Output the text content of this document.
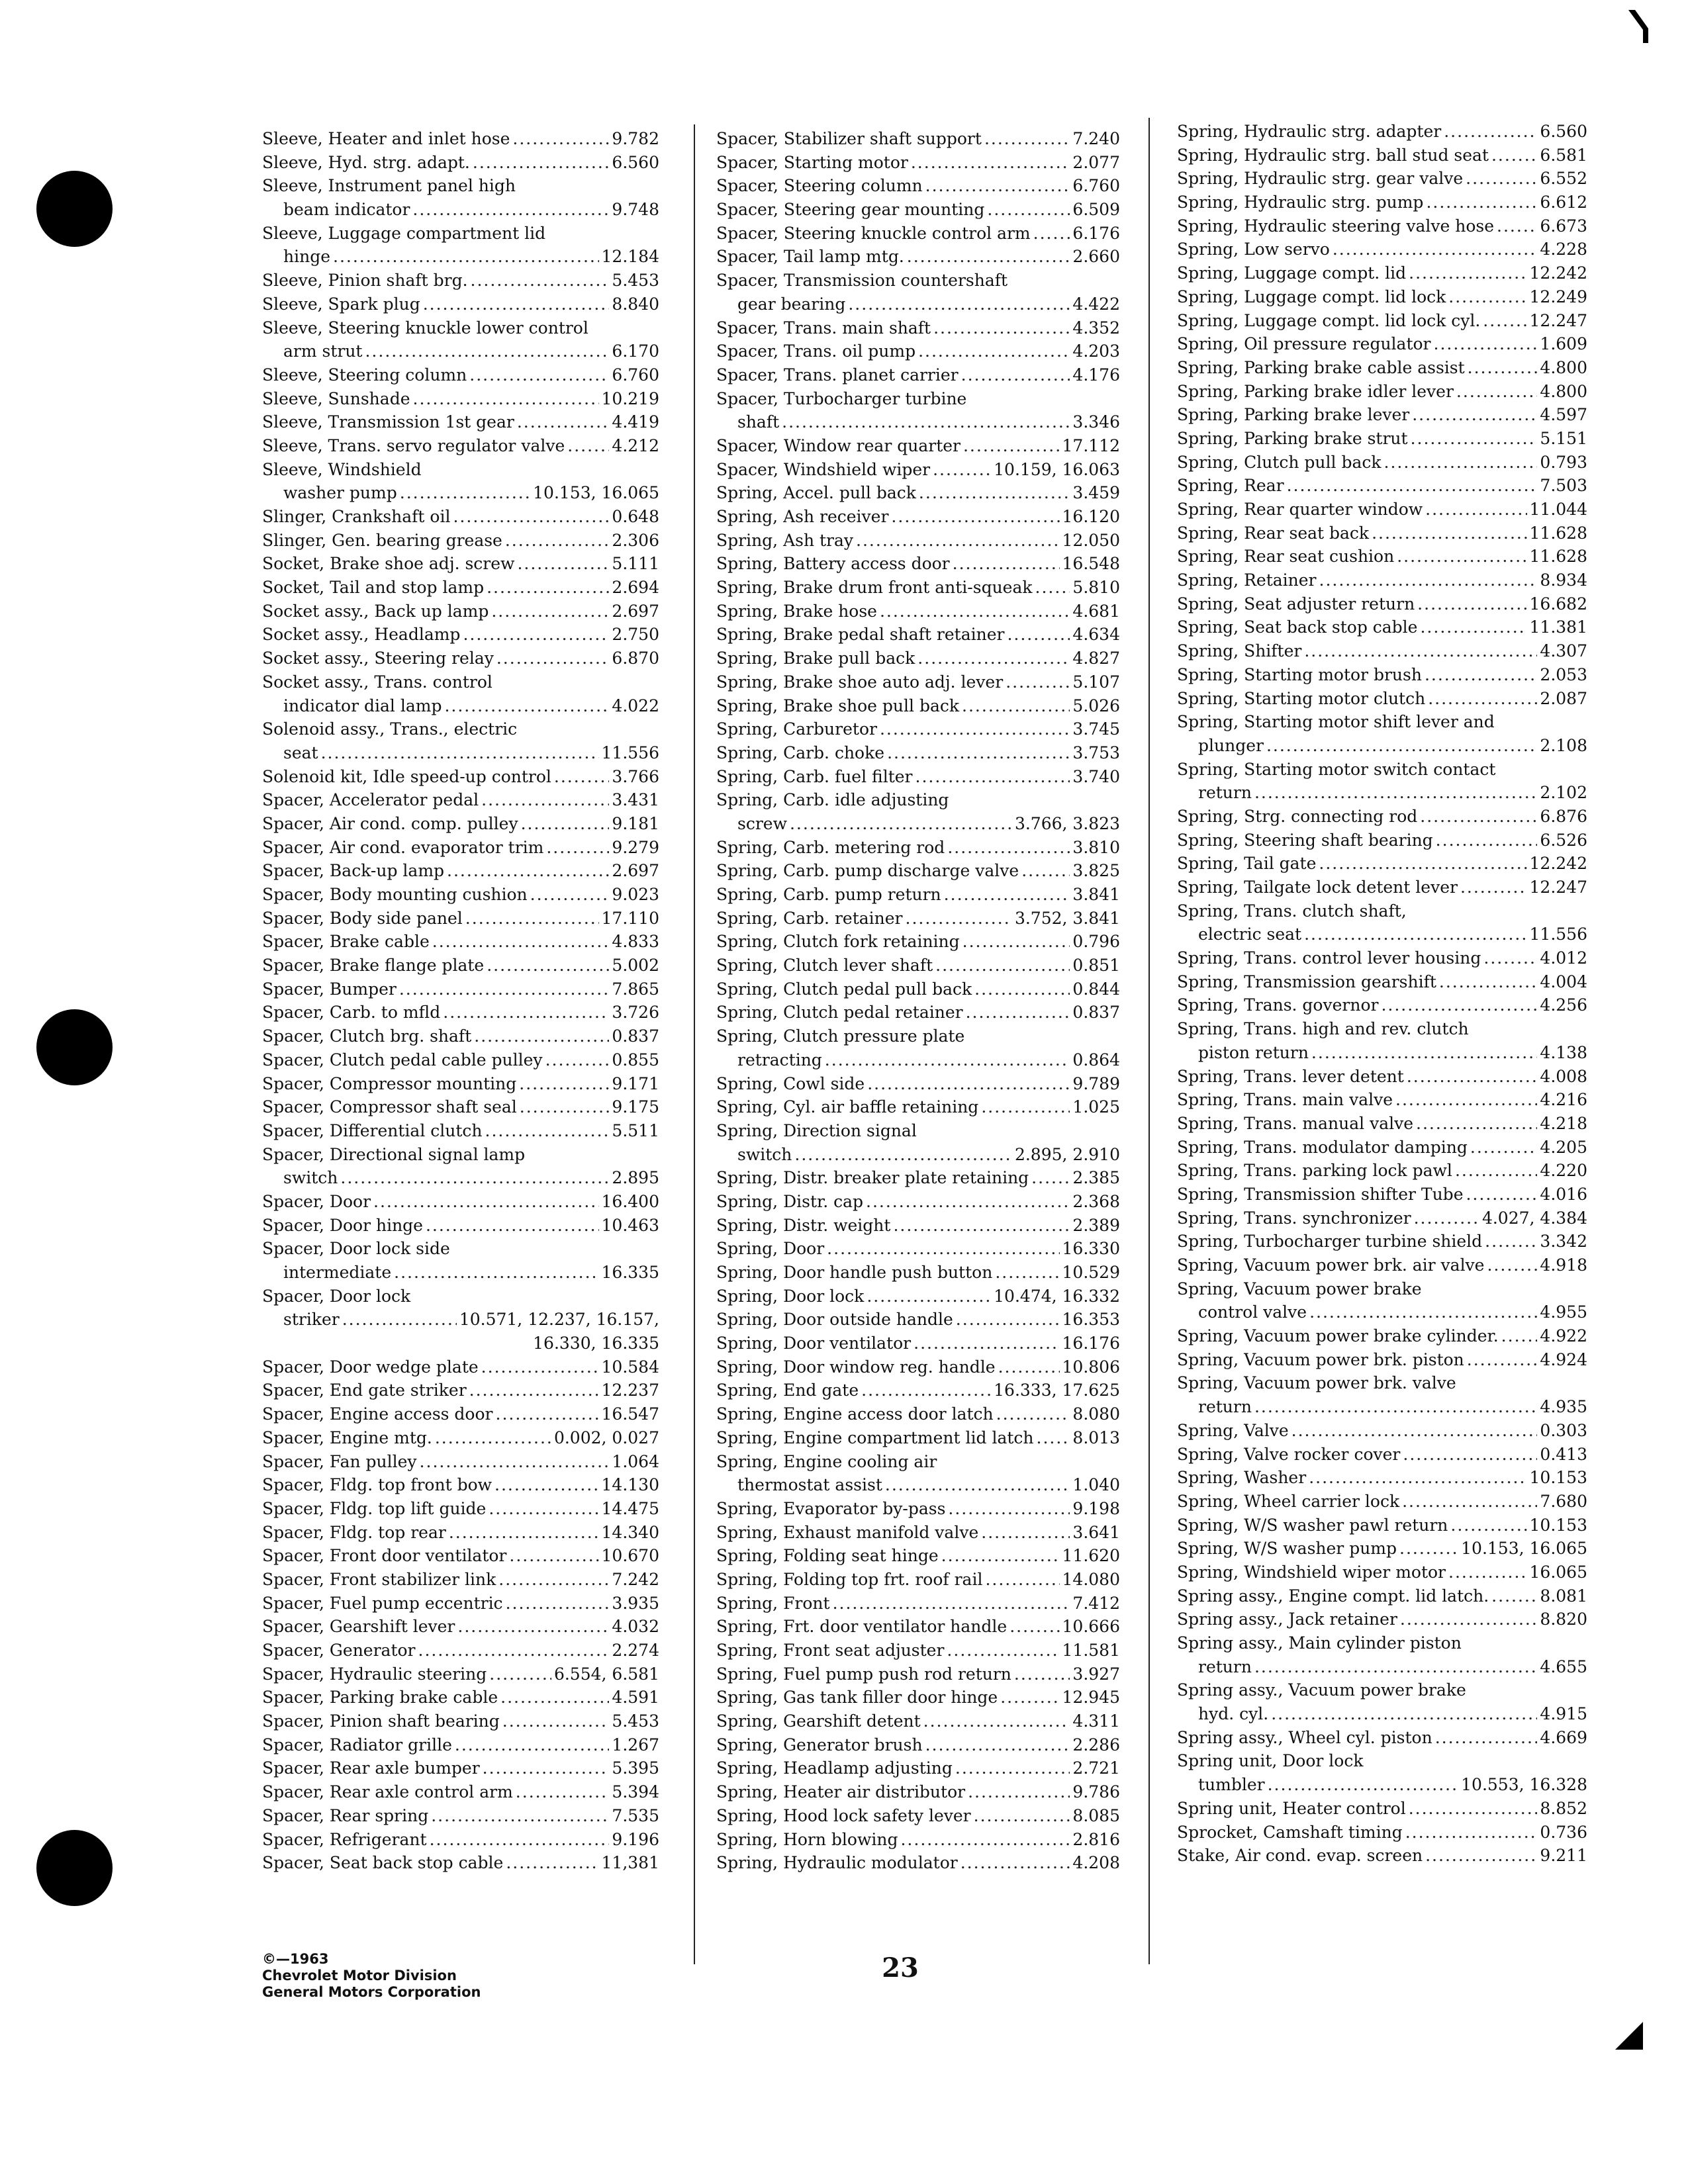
Sleeve, Heater and inlet hose .....	9.782
Sleeve, Hyd. strg. adapt. .....	6.560
Sleeve, Instrument panel high
beam indicator .....	9.748
Sleeve, Luggage compartment lid
hinge .....	12.184
Sleeve, Pinion shaft brg. .....	5.453
Sleeve, Spark plug .....	8.840
Sleeve, Steering knuckle lower control
arm strut .....	6.170
Sleeve, Steering column .....	6.760
Sleeve, Sunshade .....	10.219
Sleeve, Transmission 1st gear .....	4.419
Sleeve, Trans. servo regulator valve .....	4.212
Sleeve, Windshield
washer pump .....	10.153, 16.065
Slinger, Crankshaft oil .....	0.648
Slinger, Gen. bearing grease .....	2.306
Socket, Brake shoe adj. screw .....	5.111
Socket, Tail and stop lamp .....	2.694
Socket assy., Back up lamp .....	2.697
Socket assy., Headlamp .....	2.750
Socket assy., Steering relay .....	6.870
Socket assy., Trans. control
indicator dial lamp .....	4.022
Solenoid assy., Trans., electric
seat .....	11.556
Solenoid kit, Idle speed-up control .....	3.766
Spacer, Accelerator pedal .....	3.431
Spacer, Air cond. comp. pulley .....	9.181
Spacer, Air cond. evaporator trim .....	9.279
Spacer, Back-up lamp .....	2.697
Spacer, Body mounting cushion .....	9.023
Spacer, Body side panel .....	17.110
Spacer, Brake cable .....	4.833
Spacer, Brake flange plate .....	5.002
Spacer, Bumper .....	7.865
Spacer, Carb. to mfld .....	3.726
Spacer, Clutch brg. shaft .....	0.837
Spacer, Clutch pedal cable pulley .....	0.855
Spacer, Compressor mounting .....	9.171
Spacer, Compressor shaft seal .....	9.175
Spacer, Differential clutch .....	5.511
Spacer, Directional signal lamp
switch .....	2.895
Spacer, Door .....	16.400
Spacer, Door hinge .....	10.463
Spacer, Door lock side
intermediate .....	16.335
Spacer, Door lock
striker .....	10.571, 12.237, 16.157,
16.330, 16.335
Spacer, Door wedge plate .....	10.584
Spacer, End gate striker .....	12.237
Spacer, Engine access door .....	16.547
Spacer, Engine mtg. .....	0.002, 0.027
Spacer, Fan pulley .....	1.064
Spacer, Fldg. top front bow .....	14.130
Spacer, Fldg. top lift guide .....	14.475
Spacer, Fldg. top rear .....	14.340
Spacer, Front door ventilator .....	10.670
Spacer, Front stabilizer link .....	7.242
Spacer, Fuel pump eccentric .....	3.935
Spacer, Gearshift lever .....	4.032
Spacer, Generator .....	2.274
Spacer, Hydraulic steering .....	6.554, 6.581
Spacer, Parking brake cable .....	4.591
Spacer, Pinion shaft bearing .....	5.453
Spacer, Radiator grille .....	1.267
Spacer, Rear axle bumper .....	5.395
Spacer, Rear axle control arm .....	5.394
Spacer, Rear spring .....	7.535
Spacer, Refrigerant .....	9.196
Spacer, Seat back stop cable .....	11,381
Spacer, Stabilizer shaft support .....	7.240
Spacer, Starting motor .....	2.077
Spacer, Steering column .....	6.760
Spacer, Steering gear mounting .....	6.509
Spacer, Steering knuckle control arm .....	6.176
Spacer, Tail lamp mtg. .....	2.660
Spacer, Transmission countershaft
gear bearing .....	4.422
Spacer, Trans. main shaft .....	4.352
Spacer, Trans. oil pump .....	4.203
Spacer, Trans. planet carrier .....	4.176
Spacer, Turbocharger turbine
shaft .....	3.346
Spacer, Window rear quarter .....	17.112
Spacer, Windshield wiper .....	10.159, 16.063
Spring, Accel. pull back .....	3.459
Spring, Ash receiver .....	16.120
Spring, Ash tray .....	12.050
Spring, Battery access door .....	16.548
Spring, Brake drum front anti-squeak ..... 5.810
Spring, Brake hose .....	4.681
Spring, Brake pedal shaft retainer .....	4.634
Spring, Brake pull back .....	4.827
Spring, Brake shoe auto adj. lever .....	5.107
Spring, Brake shoe pull back .....	5.026
Spring, Carburetor .....	3.745
Spring, Carb. choke .....	3.753
Spring, Carb. fuel filter .....	3.740
Spring, Carb. idle adjusting
screw .....	3.766, 3.823
Spring, Carb. metering rod .....	3.810
Spring, Carb. pump discharge valve .....	3.825
Spring, Carb. pump return .....	3.841
Spring, Carb. retainer .....	3.752, 3.841
Spring, Clutch fork retaining .....	0.796
Spring, Clutch lever shaft .....	0.851
Spring, Clutch pedal pull back .....	0.844
Spring, Clutch pedal retainer .....	0.837
Spring, Clutch pressure plate
retracting .....	0.864
Spring, Cowl side .....	9.789
Spring, Cyl. air baffle retaining .....	1.025
Spring, Direction signal
switch .....	2.895, 2.910
Spring, Distr. breaker plate retaining .....	2.385
Spring, Distr. cap .....	2.368
Spring, Distr. weight .....	2.389
Spring, Door .....	16.330
Spring, Door handle push button .....	10.529
Spring, Door lock .....	10.474, 16.332
Spring, Door outside handle .....	16.353
Spring, Door ventilator .....	16.176
Spring, Door window reg. handle .....	10.806
Spring, End gate .....	16.333, 17.625
Spring, Engine access door latch .....	8.080
Spring, Engine compartment lid latch ..... 8.013
Spring, Engine cooling air
thermostat assist .....	1.040
Spring, Evaporator by-pass .....	9.198
Spring, Exhaust manifold valve .....	3.641
Spring, Folding seat hinge .....	11.620
Spring, Folding top frt. roof rail .....	14.080
Spring, Front .....	7.412
Spring, Frt. door ventilator handle .....	10.666
Spring, Front seat adjuster .....	11.581
Spring, Fuel pump push rod return .....	3.927
Spring, Gas tank filler door hinge .....	12.945
Spring, Gearshift detent .....	4.311
Spring, Generator brush .....	2.286
Spring, Headlamp adjusting .....	2.721
Spring, Heater air distributor .....	9.786
Spring, Hood lock safety lever .....	8.085
Spring, Horn blowing .....	2.816
Spring, Hydraulic modulator .....	4.208
Spring, Hydraulic strg. adapter .....	6.560
Spring, Hydraulic strg. ball stud seat .....	6.581
Spring, Hydraulic strg. gear valve .....	6.552
Spring, Hydraulic strg. pump .....	6.612
Spring, Hydraulic steering valve hose .....	6.673
Spring, Low servo .....	4.228
Spring, Luggage compt. lid .....	12.242
Spring, Luggage compt. lid lock .....	12.249
Spring, Luggage compt. lid lock cyl. .....	12.247
Spring, Oil pressure regulator .....	1.609
Spring, Parking brake cable assist .....	4.800
Spring, Parking brake idler lever .....	4.800
Spring, Parking brake lever .....	4.597
Spring, Parking brake strut .....	5.151
Spring, Clutch pull back .....	0.793
Spring, Rear .....	7.503
Spring, Rear quarter window .....	11.044
Spring, Rear seat back .....	11.628
Spring, Rear seat cushion .....	11.628
Spring, Retainer .....	8.934
Spring, Seat adjuster return .....	16.682
Spring, Seat back stop cable .....	11.381
Spring, Shifter .....	4.307
Spring, Starting motor brush .....	2.053
Spring, Starting motor clutch .....	2.087
Spring, Starting motor shift lever and
plunger .....	2.108
Spring, Starting motor switch contact
return .....	2.102
Spring, Strg. connecting rod .....	6.876
Spring, Steering shaft bearing .....	6.526
Spring, Tail gate .....	12.242
Spring, Tailgate lock detent lever .....	12.247
Spring, Trans. clutch shaft,
electric seat .....	11.556
Spring, Trans. control lever housing .....	4.012
Spring, Transmission gearshift .....	4.004
Spring, Trans. governor .....	4.256
Spring, Trans. high and rev. clutch
piston return .....	4.138
Spring, Trans. lever detent .....	4.008
Spring, Trans. main valve .....	4.216
Spring, Trans. manual valve .....	4.218
Spring, Trans. modulator damping .....	4.205
Spring, Trans. parking lock pawl .....	4.220
Spring, Transmission shifter Tube .....	4.016
Spring, Trans. synchronizer .....	4.027, 4.384
Spring, Turbocharger turbine shield .....	3.342
Spring, Vacuum power brk. air valve .....	4.918
Spring, Vacuum power brake
control valve .....	4.955
Spring, Vacuum power brake cylinder. .....	4.922
Spring, Vacuum power brk. piston .....	4.924
Spring, Vacuum power brk. valve
return .....	4.935
Spring, Valve .....	0.303
Spring, Valve rocker cover .....	0.413
Spring, Washer .....	10.153
Spring, Wheel carrier lock .....	7.680
Spring, W/S washer pawl return .....	10.153
Spring, W/S washer pump .....	10.153, 16.065
Spring, Windshield wiper motor .....	16.065
Spring assy., Engine compt. lid latch. .....	8.081
Spring assy., Jack retainer .....	8.820
Spring assy., Main cylinder piston
return .....	4.655
Spring assy., Vacuum power brake
hyd. cyl. .....	4.915
Spring assy., Wheel cyl. piston .....	4.669
Spring unit, Door lock
tumbler .....	10.553, 16.328
Spring unit, Heater control .....	8.852
Sprocket, Camshaft timing .....	0.736
Stake, Air cond. evap. screen .....	9.211
©—1963
Chevrolet Motor Division
General Motors Corporation
23
